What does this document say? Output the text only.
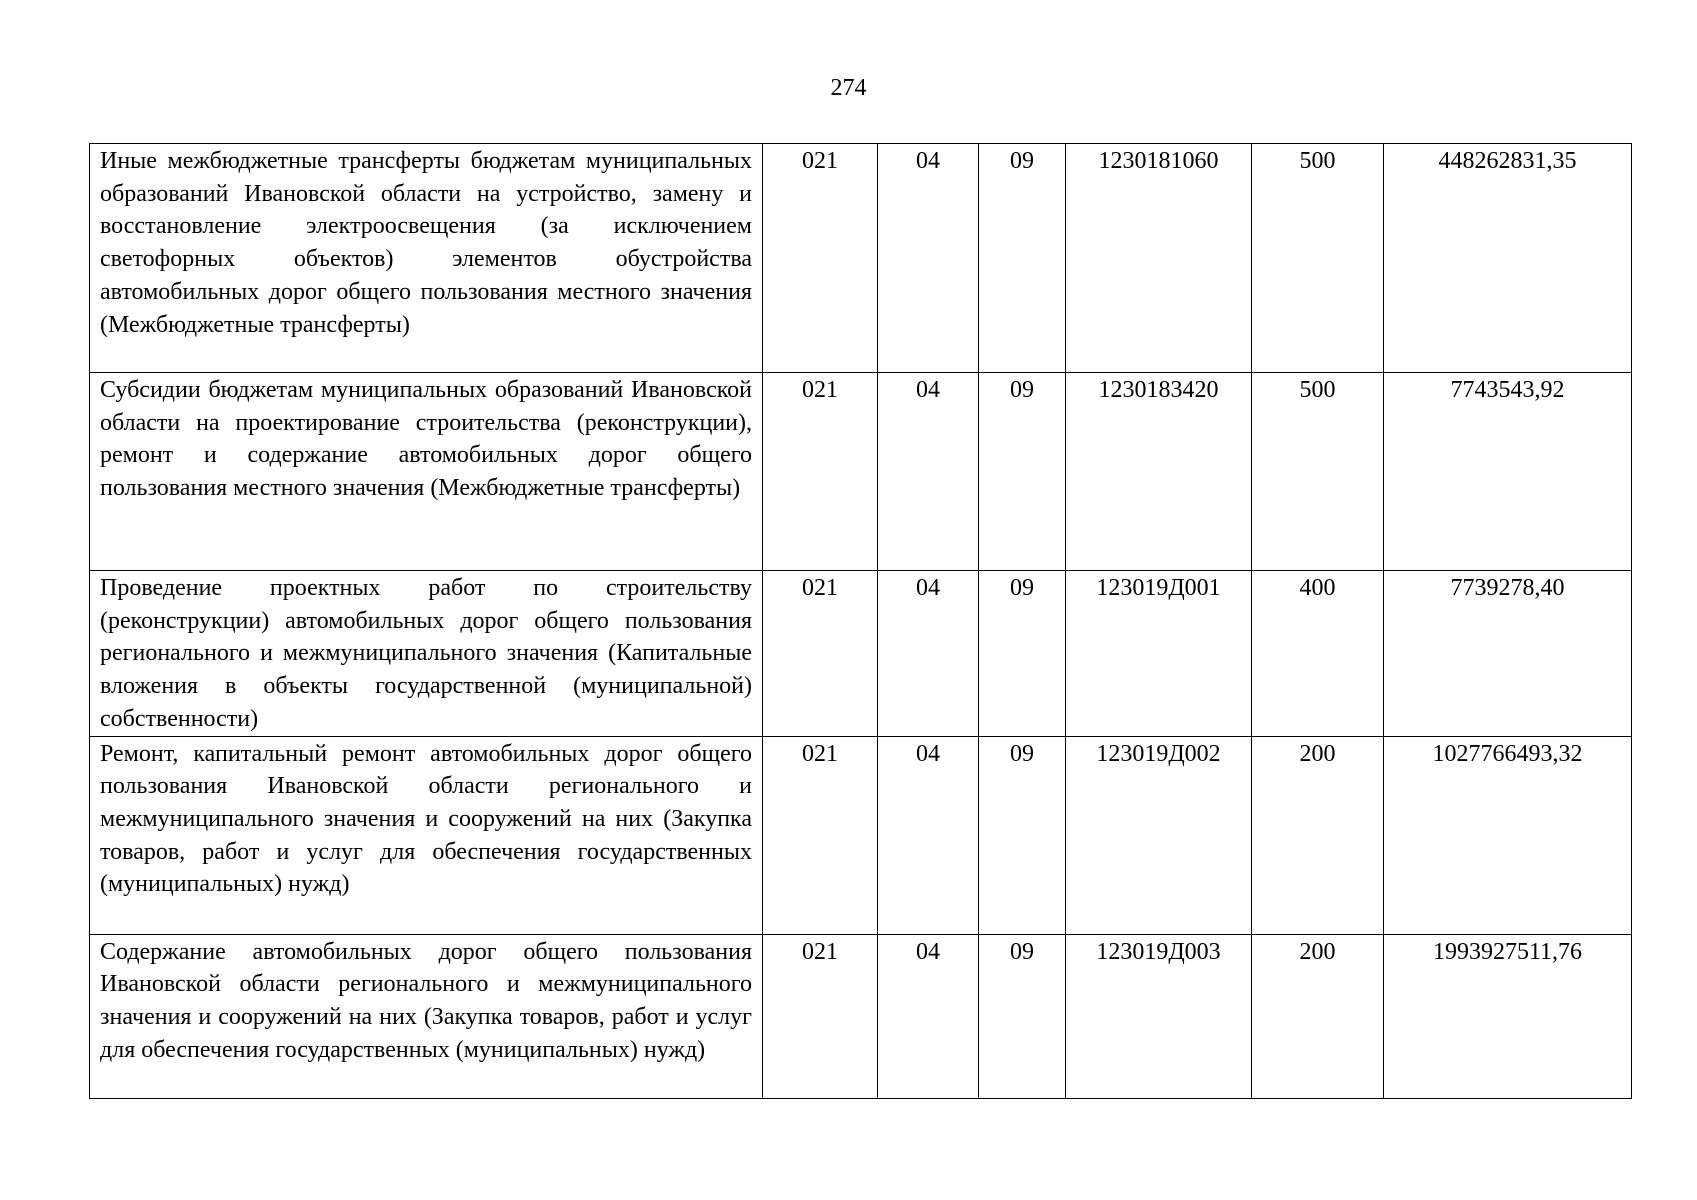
274
Иные межбюджетные трансферты бюджетам муниципальных образований Ивановской области на устройство, замену и восстановление электроосвещения (за исключением светофорных объектов) элементов обустройства автомобильных дорог общего пользования местного значения (Межбюджетные трансферты)	021	04	09	1230181060	500	448262831,35
Субсидии бюджетам муниципальных образований Ивановской области на проектирование строительства (реконструкции), ремонт и содержание автомобильных дорог общего пользования местного значения (Межбюджетные трансферты)	021	04	09	1230183420	500	7743543,92
Проведение проектных работ по строительству (реконструкции) автомобильных дорог общего пользования регионального и межмуниципального значения (Капитальные вложения в объекты государственной (муниципальной) собственности)	021	04	09	123019Д001	400	7739278,40
Ремонт, капитальный ремонт автомобильных дорог общего пользования Ивановской области регионального и межмуниципального значения и сооружений на них (Закупка товаров, работ и услуг для обеспечения государственных (муниципальных) нужд)	021	04	09	123019Д002	200	1027766493,32
Содержание автомобильных дорог общего пользования Ивановской области регионального и межмуниципального значения и сооружений на них (Закупка товаров, работ и услуг для обеспечения государственных (муниципальных) нужд)	021	04	09	123019Д003	200	1993927511,76
